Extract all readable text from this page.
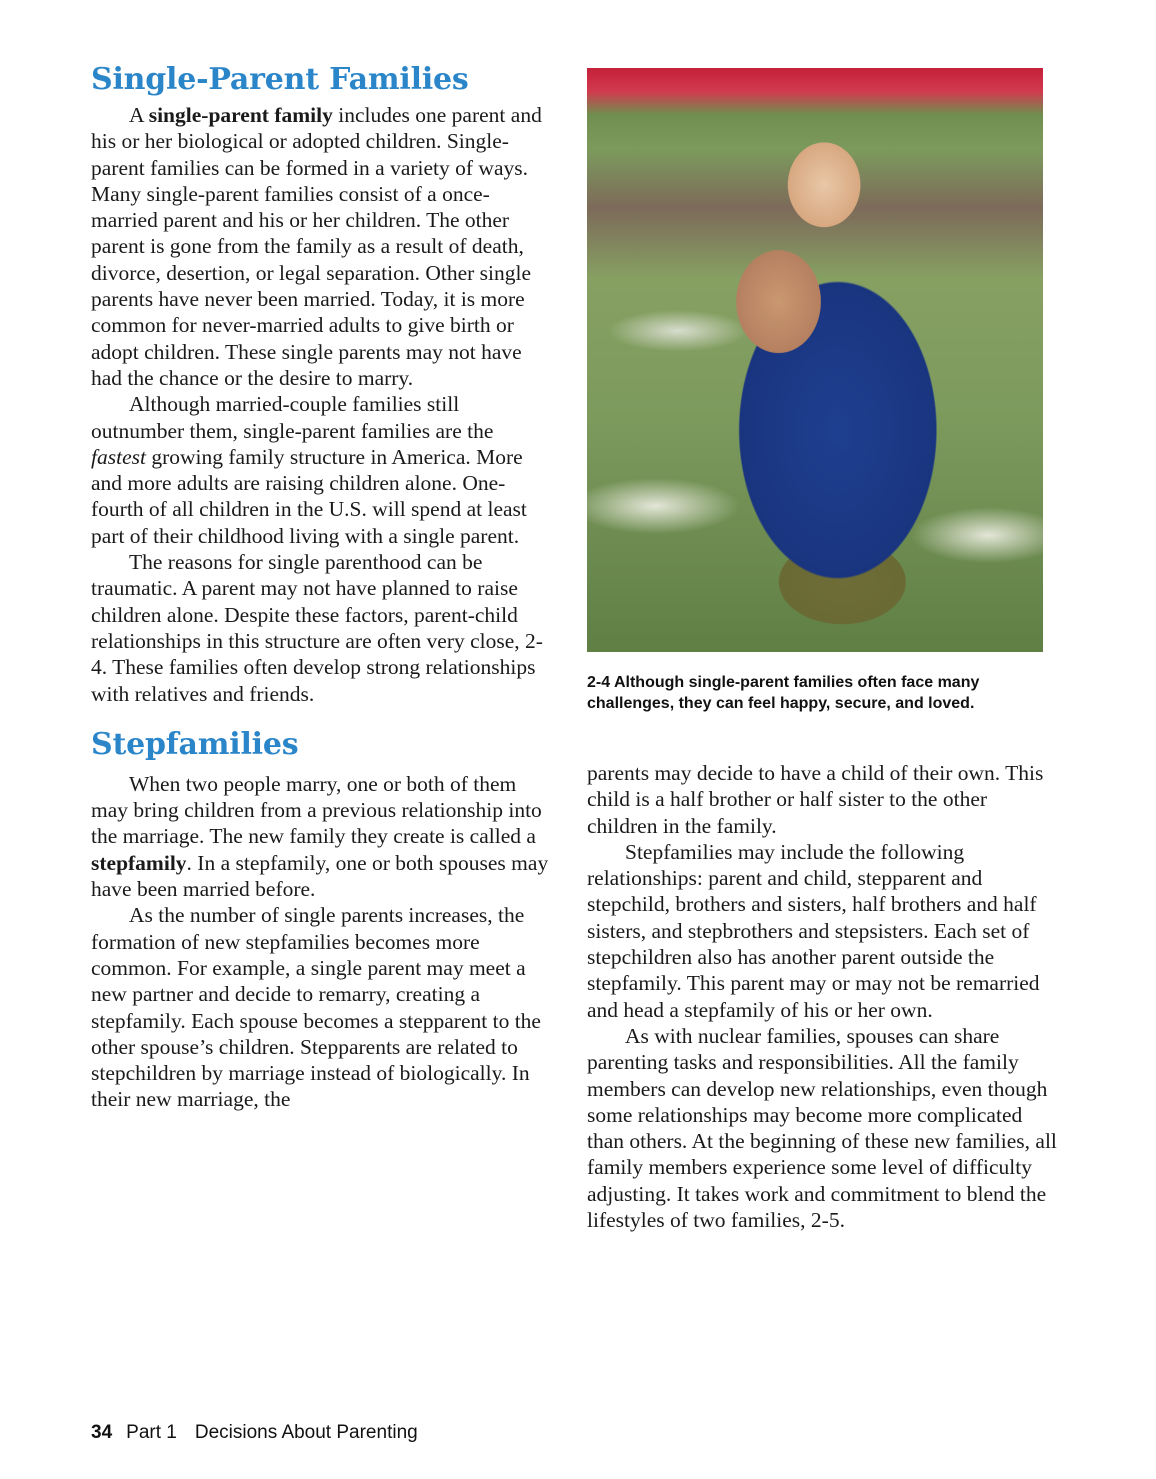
Single-Parent Families

A single-parent family includes one parent and his or her biological or adopted children. Single-parent families can be formed in a variety of ways. Many single-parent families consist of a once-married parent and his or her children. The other parent is gone from the family as a result of death, divorce, desertion, or legal separation. Other single parents have never been married. Today, it is more common for never-married adults to give birth or adopt children. These single parents may not have had the chance or the desire to marry.

Although married-couple families still outnumber them, single-parent families are the fastest growing family structure in America. More and more adults are raising children alone. One-fourth of all children in the U.S. will spend at least part of their childhood living with a single parent.

The reasons for single parenthood can be traumatic. A parent may not have planned to raise children alone. Despite these factors, parent-child relationships in this structure are often very close, 2-4. These families often develop strong relationships with relatives and friends.

Stepfamilies

When two people marry, one or both of them may bring children from a previous relationship into the marriage. The new family they create is called a stepfamily. In a stepfamily, one or both spouses may have been married before.

As the number of single parents increases, the formation of new stepfamilies becomes more common. For example, a single parent may meet a new partner and decide to remarry, creating a stepfamily. Each spouse becomes a stepparent to the other spouse’s children. Stepparents are related to stepchildren by marriage instead of biologically. In their new marriage, the

2-4 Although single-parent families often face many challenges, they can feel happy, secure, and loved.

parents may decide to have a child of their own. This child is a half brother or half sister to the other children in the family.

Stepfamilies may include the following relationships: parent and child, stepparent and stepchild, brothers and sisters, half brothers and half sisters, and stepbrothers and stepsisters. Each set of stepchildren also has another parent outside the stepfamily. This parent may or may not be remarried and head a stepfamily of his or her own.

As with nuclear families, spouses can share parenting tasks and responsibilities. All the family members can develop new relationships, even though some relationships may become more complicated than others. At the beginning of these new families, all family members experience some level of difficulty adjusting. It takes work and commitment to blend the lifestyles of two families, 2-5.

34 Part 1 Decisions About Parenting
